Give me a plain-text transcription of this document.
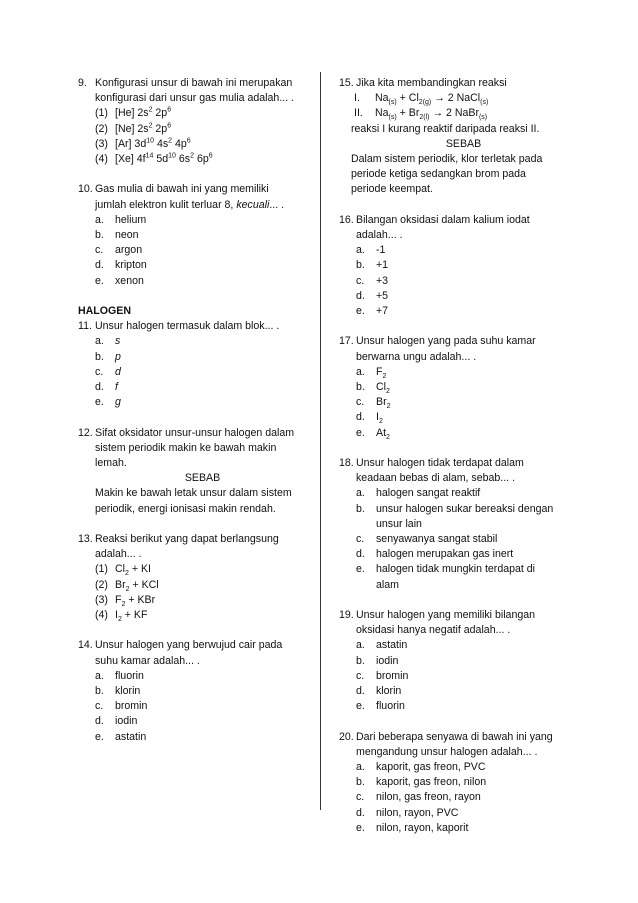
9. Konfigurasi unsur di bawah ini merupakan
konfigurasi dari unsur gas mulia adalah... .
(1) [He] $2s^2$ $2p^6$
(2) [Ne] $2s^2$ $2p^6$
(3) [Ar] $3d^{10}$ $4s^2$ $4p^6$
(4) [Xe] $4f^{14}$ $5d^{10}$ $6s^2$ $6p^6$
10. Gas mulia di bawah ini yang memiliki
jumlah elektron kulit terluar 8, kecuali... .
a. helium
b. neon
c. argon
d. kripton
e. xenon
HALOGEN
11. Unsur halogen termasuk dalam blok... .
a. s
b. p
c. d
d. f
e. g
12. Sifat oksidator unsur-unsur halogen dalam
sistem periodik makin ke bawah makin
lemah.
SEBAB
Makin ke bawah letak unsur dalam sistem
periodik, energi ionisasi makin rendah.
13. Reaksi berikut yang dapat berlangsung
adalah... .
(1) $Cl_2$ + KI
(2) $Br_2$ + KCl
(3) $F_2$ + KBr
(4) $I_2$ + KF
14. Unsur halogen yang berwujud cair pada
suhu kamar adalah... .
a. fluorin
b. klorin
c. bromin
d. iodin
e. astatin
15. Jika kita membandingkan reaksi
I. $Na_{(s)} + Cl_{2(g)} \to 2$ NaCl$_{(s)}$
II. $Na_{(s)} + Br_{2(l)} \to 2$ NaBr$_{(s)}$
reaksi I kurang reaktif daripada reaksi II.
SEBAB
Dalam sistem periodik, klor terletak pada
periode ketiga sedangkan brom pada
periode keempat.
16. Bilangan oksidasi dalam kalium iodat
adalah... .
a. -1
b. +1
c. +3
d. +5
e. +7
17. Unsur halogen yang pada suhu kamar
berwarna ungu adalah... .
a. $F_2$
b. $Cl_2$
c. $Br_2$
d. $I_2$
e. $At_2$
18. Unsur halogen tidak terdapat dalam
keadaan bebas di alam, sebab... .
a. halogen sangat reaktif
b. unsur halogen sukar bereaksi dengan
unsur lain
c. senyawanya sangat stabil
d. halogen merupakan gas inert
e. halogen tidak mungkin terdapat di
alam
19. Unsur halogen yang memiliki bilangan
oksidasi hanya negatif adalah... .
a. astatin
b. iodin
c. bromin
d. klorin
e. fluorin
20. Dari beberapa senyawa di bawah ini yang
mengandung unsur halogen adalah... .
a. kaporit, gas freon, PVC
b. kaporit, gas freon, nilon
c. nilon, gas freon, rayon
d. nilon, rayon, PVC
e. nilon, rayon, kaporit
